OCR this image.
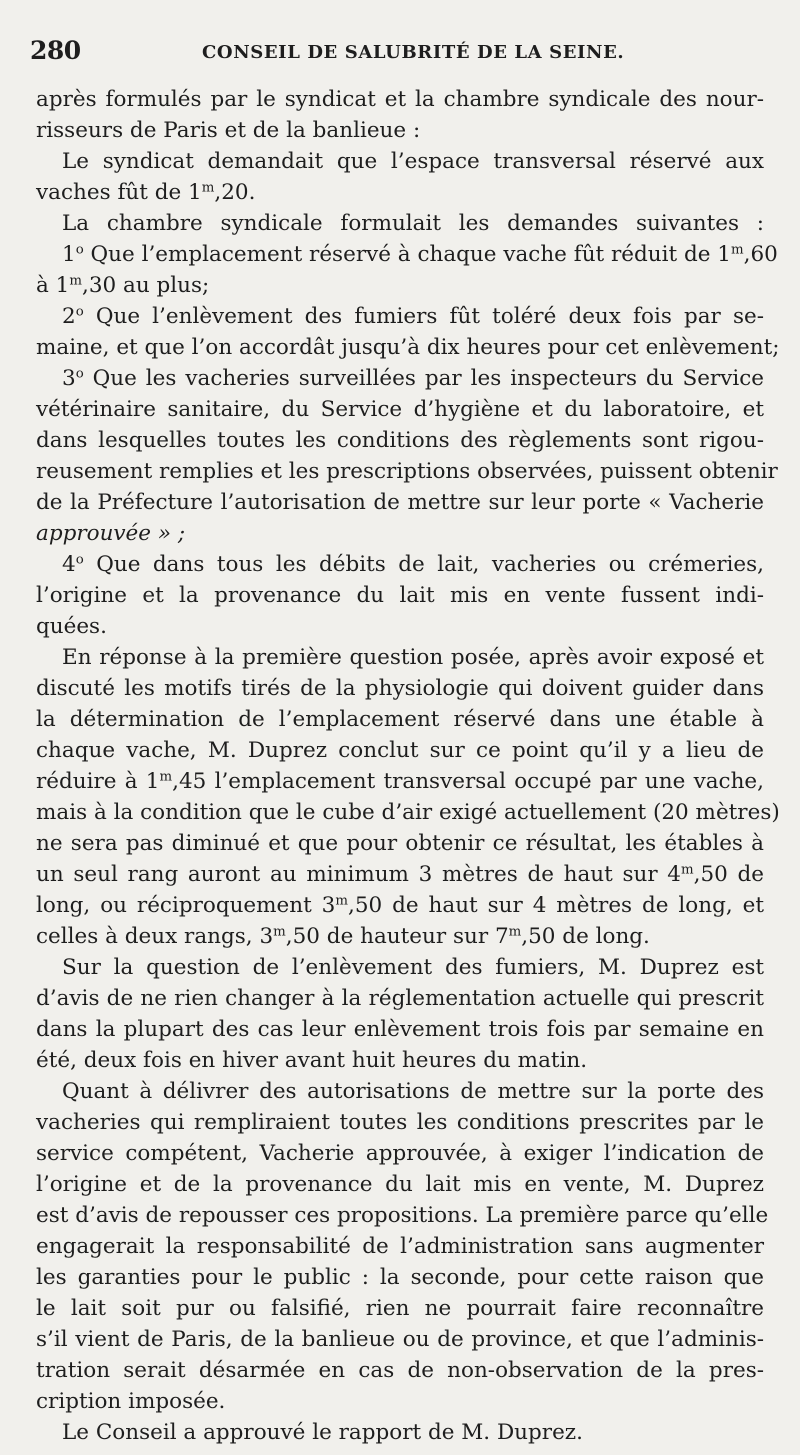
280	CONSEIL DE SALUBRITÉ DE LA SEINE.
après formulés par le syndicat et la chambre syndicale des nour-
risseurs de Paris et de la banlieue :
Le syndicat demandait que l’espace transversal réservé aux
vaches fût de 1$^m$,20.
La chambre syndicale formulait les demandes suivantes :
1$^o$ Que l’emplacement réservé à chaque vache fût réduit de 1$^m$,60
à 1$^m$,30 au plus;
2$^o$ Que l’enlèvement des fumiers fût toléré deux fois par se-
maine, et que l’on accordât jusqu’à dix heures pour cet enlèvement;
3$^o$ Que les vacheries surveillées par les inspecteurs du Service
vétérinaire sanitaire, du Service d’hygiène et du laboratoire, et
dans lesquelles toutes les conditions des règlements sont rigou-
reusement remplies et les prescriptions observées, puissent obtenir
de la Préfecture l’autorisation de mettre sur leur porte « Vacherie
approuvée » ;
4$^o$ Que dans tous les débits de lait, vacheries ou crémeries,
l’origine et la provenance du lait mis en vente fussent indi-
quées.
En réponse à la première question posée, après avoir exposé et
discuté les motifs tirés de la physiologie qui doivent guider dans
la détermination de l’emplacement réservé dans une étable à
chaque vache, M. Duprez conclut sur ce point qu’il y a lieu de
réduire à 1$^m$,45 l’emplacement transversal occupé par une vache,
mais à la condition que le cube d’air exigé actuellement (20 mètres)
ne sera pas diminué et que pour obtenir ce résultat, les étables à
un seul rang auront au minimum 3 mètres de haut sur 4$^m$,50 de
long, ou réciproquement 3$^m$,50 de haut sur 4 mètres de long, et
celles à deux rangs, 3$^m$,50 de hauteur sur 7$^m$,50 de long.
Sur la question de l’enlèvement des fumiers, M. Duprez est
d’avis de ne rien changer à la réglementation actuelle qui prescrit
dans la plupart des cas leur enlèvement trois fois par semaine en
été, deux fois en hiver avant huit heures du matin.
Quant à délivrer des autorisations de mettre sur la porte des
vacheries qui rempliraient toutes les conditions prescrites par le
service compétent, Vacherie approuvée, à exiger l’indication de
l’origine et de la provenance du lait mis en vente, M. Duprez
est d’avis de repousser ces propositions. La première parce qu’elle
engagerait la responsabilité de l’administration sans augmenter
les garanties pour le public : la seconde, pour cette raison que
le lait soit pur ou falsifié, rien ne pourrait faire reconnaître
s’il vient de Paris, de la banlieue ou de province, et que l’adminis-
tration serait désarmée en cas de non-observation de la pres-
cription imposée.
Le Conseil a approuvé le rapport de M. Duprez.
